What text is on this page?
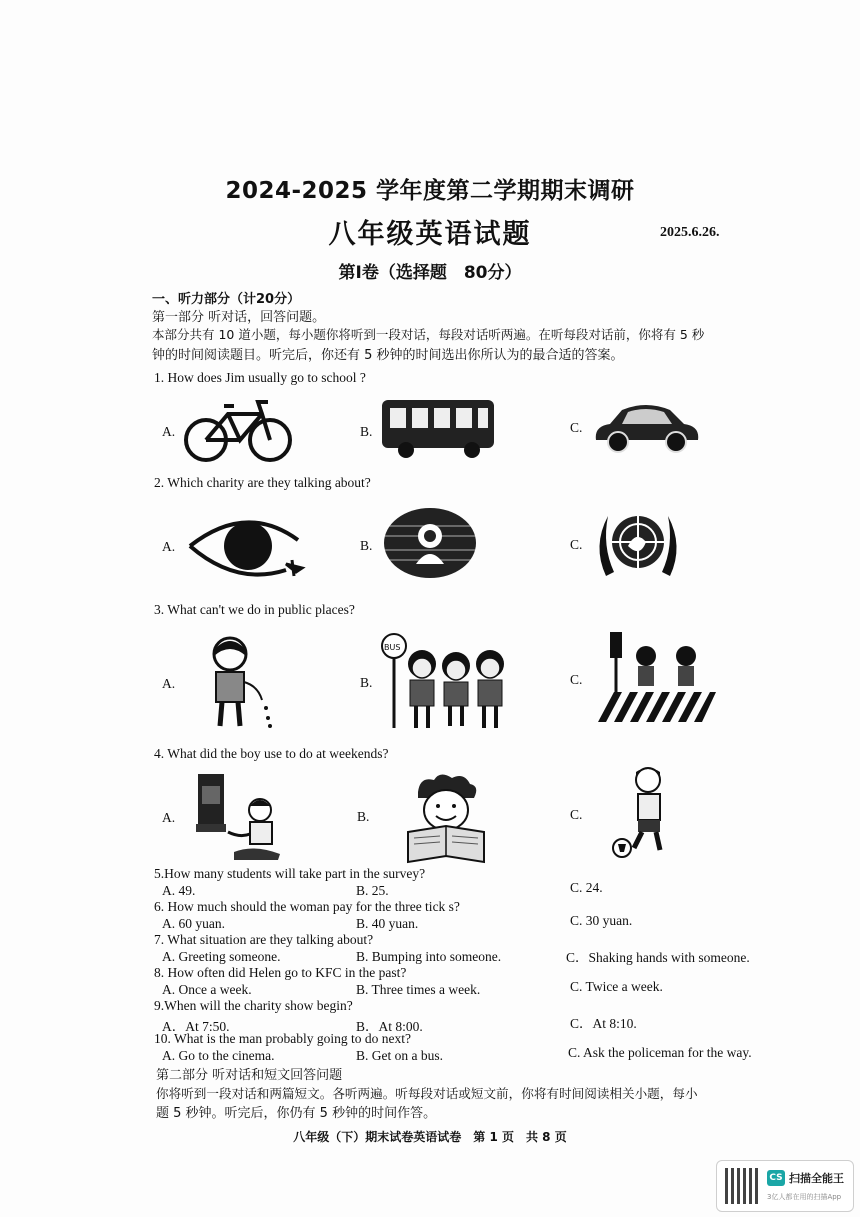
2024-2025 学年度第二学期期末调研
八年级英语试题	2025.6.26.
第Ⅰ卷（选择题　80分）
一、听力部分（计20分）
第一部分 听对话，回答问题。
本部分共有 10 道小题，每小题你将听到一段对话，每段对话听两遍。在听每段对话前，你将有 5 秒
钟的时间阅读题目。听完后，你还有 5 秒钟的时间选出你所认为的最合适的答案。
1. How does Jim usually go to school ?
A.	B.	C.
2. Which charity are they talking about?
A.	B.	C.
3. What can't we do in public places?
A.	B.	C.
BUS
4. What did the boy use to do at weekends?
A.	B.	C.
5.How many students will take part in the survey?
A. 49.	B. 25.	C. 24.
6. How much should the woman pay for the three tick s?
A. 60 yuan.	B. 40 yuan.	C. 30 yuan.
7. What situation are they talking about?
A. Greeting someone.	B. Bumping into someone.	C．Shaking hands with someone.
8. How often did Helen go to KFC in the past?
A. Once a week.	B. Three times a week.	C. Twice a week.
9.When will the charity show begin?
A．At 7:50.	B．At 8:00.	C．At 8:10.
10. What is the man probably going to do next?
A. Go to the cinema.	B. Get on a bus.	C. Ask the policeman for the way.
第二部分 听对话和短文回答问题
你将听到一段对话和两篇短文。各听两遍。听每段对话或短文前，你将有时间阅读相关小题，每小
题 5 秒钟。听完后，你仍有 5 秒钟的时间作答。
八年级（下）期末试卷英语试卷　第 1 页　共 8 页
CS 扫描全能王
3亿人都在用的扫描App
